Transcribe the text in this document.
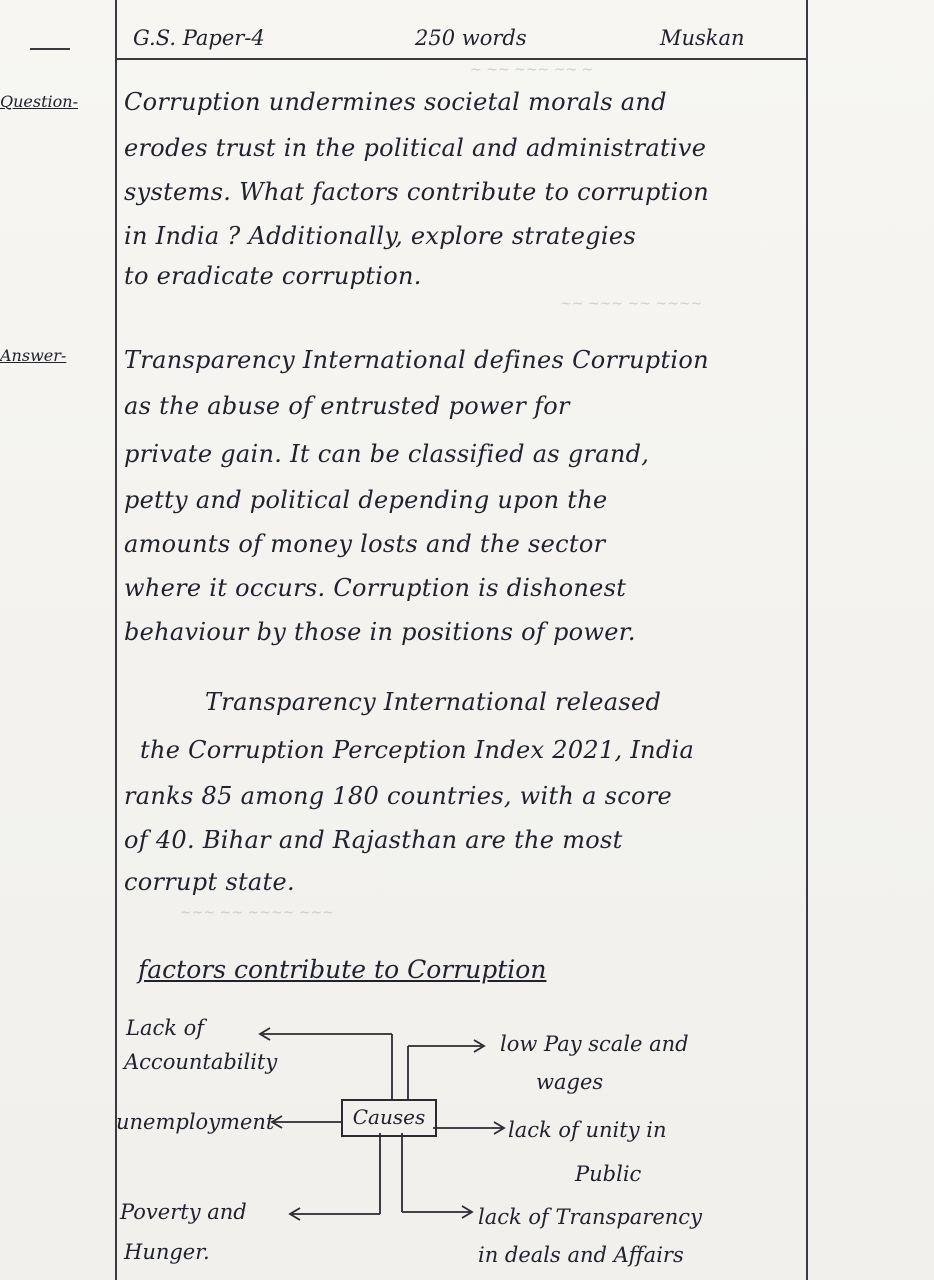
~ ~~ ~~~ ~~ ~
~~ ~~~ ~~ ~~~~
~~~ ~~ ~~~~ ~~~
G.S. Paper-4	250 words	Muskan
Question-
Answer-
Corruption undermines societal morals and
erodes trust in the political and administrative
systems. What factors contribute to corruption
in India ? Additionally, explore strategies
to eradicate corruption.
Transparency International defines Corruption
as the abuse of entrusted power for
private gain. It can be classified as grand,
petty and political depending upon the
amounts of money losts and the sector
where it occurs. Corruption is dishonest
behaviour by those in positions of power.
Transparency International released
the Corruption Perception Index 2021, India
ranks 85 among 180 countries, with a score
of 40. Bihar and Rajasthan are the most
corrupt state.
factors contribute to Corruption
Causes
Lack of
Accountability
unemployment
Poverty and
Hunger.
low Pay scale and
wages
lack of unity in
Public
lack of Transparency
in deals and Affairs
